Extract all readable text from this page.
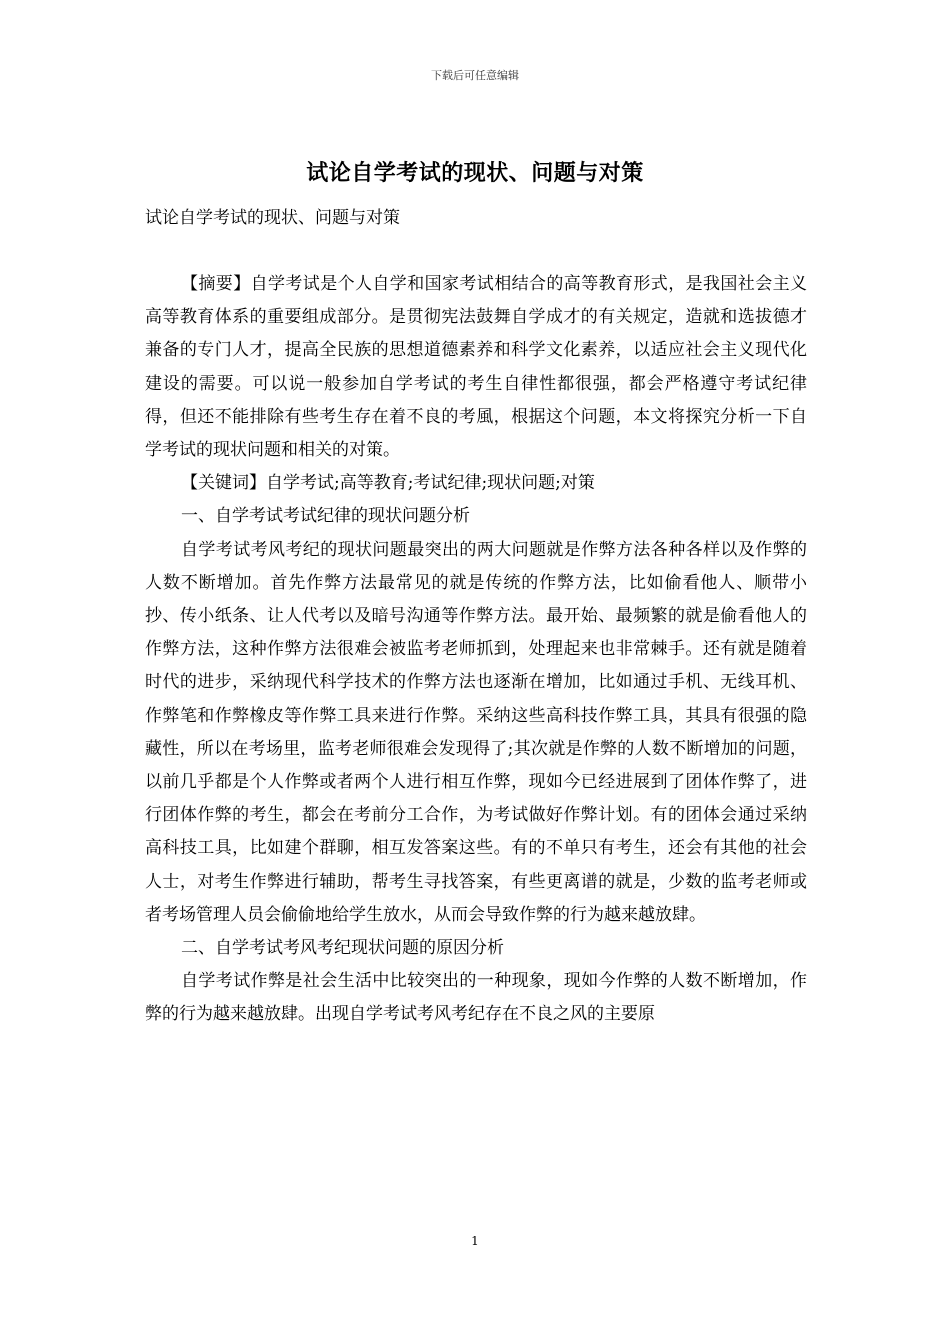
下载后可任意编辑
试论自学考试的现状、问题与对策
试论自学考试的现状、问题与对策

【摘要】自学考试是个人自学和国家考试相结合的高等教育形式，是我国社会主义高等教育体系的重要组成部分。是贯彻宪法鼓舞自学成才的有关规定，造就和选拔德才兼备的专门人才，提高全民族的思想道德素养和科学文化素养，以适应社会主义现代化建设的需要。可以说一般参加自学考试的考生自律性都很强，都会严格遵守考试纪律得，但还不能排除有些考生存在着不良的考風，根据这个问题，本文将探究分析一下自学考试的现状问题和相关的对策。

【关键词】自学考试;高等教育;考试纪律;现状问题;对策

一、自学考试考试纪律的现状问题分析

自学考试考风考纪的现状问题最突出的两大问题就是作弊方法各种各样以及作弊的人数不断增加。首先作弊方法最常见的就是传统的作弊方法，比如偷看他人、顺带小抄、传小纸条、让人代考以及暗号沟通等作弊方法。最开始、最频繁的就是偷看他人的作弊方法，这种作弊方法很难会被监考老师抓到，处理起来也非常棘手。还有就是随着时代的进步，采纳现代科学技术的作弊方法也逐渐在增加，比如通过手机、无线耳机、作弊笔和作弊橡皮等作弊工具来进行作弊。采纳这些高科技作弊工具，其具有很强的隐藏性，所以在考场里，监考老师很难会发现得了;其次就是作弊的人数不断增加的问题，以前几乎都是个人作弊或者两个人进行相互作弊，现如今已经进展到了团体作弊了，进行团体作弊的考生，都会在考前分工合作，为考试做好作弊计划。有的团体会通过采纳高科技工具，比如建个群聊，相互发答案这些。有的不单只有考生，还会有其他的社会人士，对考生作弊进行辅助，帮考生寻找答案，有些更离谱的就是，少数的监考老师或者考场管理人员会偷偷地给学生放水，从而会导致作弊的行为越来越放肆。

二、自学考试考风考纪现状问题的原因分析

自学考试作弊是社会生活中比较突出的一种现象，现如今作弊的人数不断增加，作弊的行为越来越放肆。出现自学考试考风考纪存在不良之风的主要原

1
